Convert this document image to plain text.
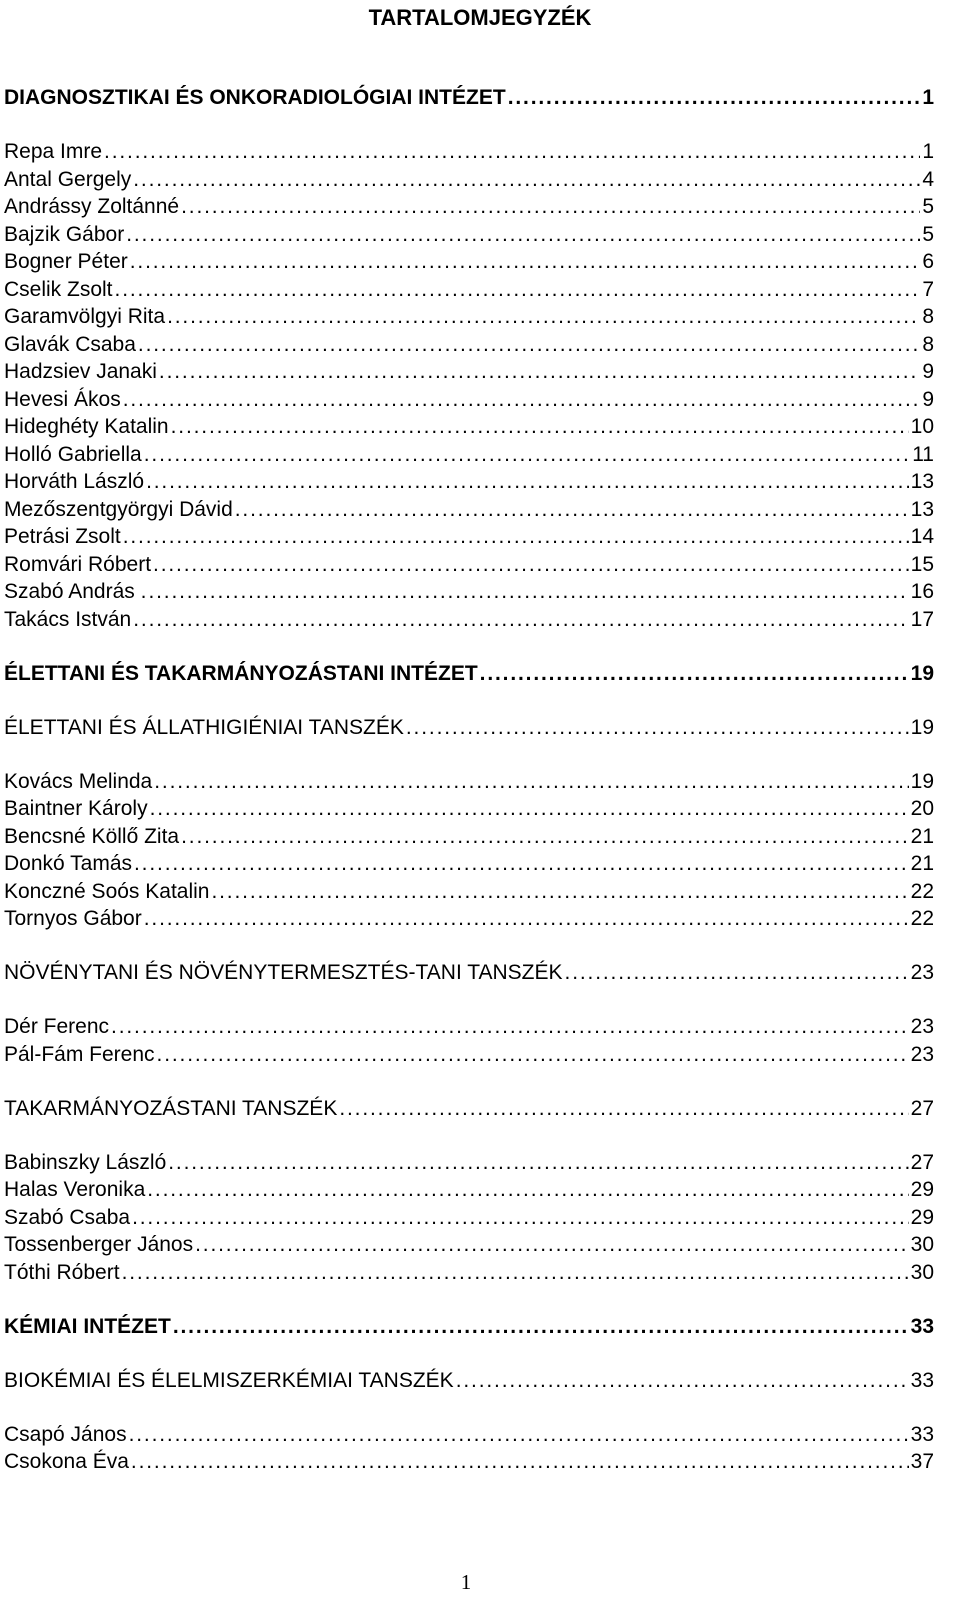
TARTALOMJEGYZÉK
DIAGNOSZTIKAI ÉS ONKORADIOLÓGIAI INTÉZET . . .	1
Repa Imre . . .	1
Antal Gergely . . .	4
Andrássy Zoltánné . . .	5
Bajzik Gábor . . .	5
Bogner Péter . . .	6
Cselik Zsolt . . .	7
Garamvölgyi Rita . . .	8
Glavák Csaba . . .	8
Hadzsiev Janaki . . .	9
Hevesi Ákos . . .	9
Hideghéty Katalin . . .	10
Holló Gabriella . . .	11
Horváth László . . .	13
Mezőszentgyörgyi Dávid . . .	13
Petrási Zsolt . . .	14
Romvári Róbert . . .	15
Szabó András . . . .	16
Takács István . . .	17
ÉLETTANI ÉS TAKARMÁNYOZÁSTANI INTÉZET . . .	19
ÉLETTANI ÉS ÁLLATHIGIÉNIAI TANSZÉK . . .	19
Kovács Melinda . . .	19
Baintner Károly . . .	20
Bencsné Köllő Zita . . .	21
Donkó Tamás . . .	21
Konczné Soós Katalin . . .	22
Tornyos Gábor . . .	22
NÖVÉNYTANI ÉS NÖVÉNYTERMESZTÉS-TANI TANSZÉK . . .	23
Dér Ferenc . . .	23
Pál-Fám Ferenc . . .	23
TAKARMÁNYOZÁSTANI TANSZÉK . . .	27
Babinszky László . . .	27
Halas Veronika . . .	29
Szabó Csaba . . .	29
Tossenberger János . . .	30
Tóthi Róbert . . .	30
KÉMIAI INTÉZET . . .	33
BIOKÉMIAI ÉS ÉLELMISZERKÉMIAI TANSZÉK . . .	33
Csapó János . . .	33
Csokona Éva . . .	37
1
